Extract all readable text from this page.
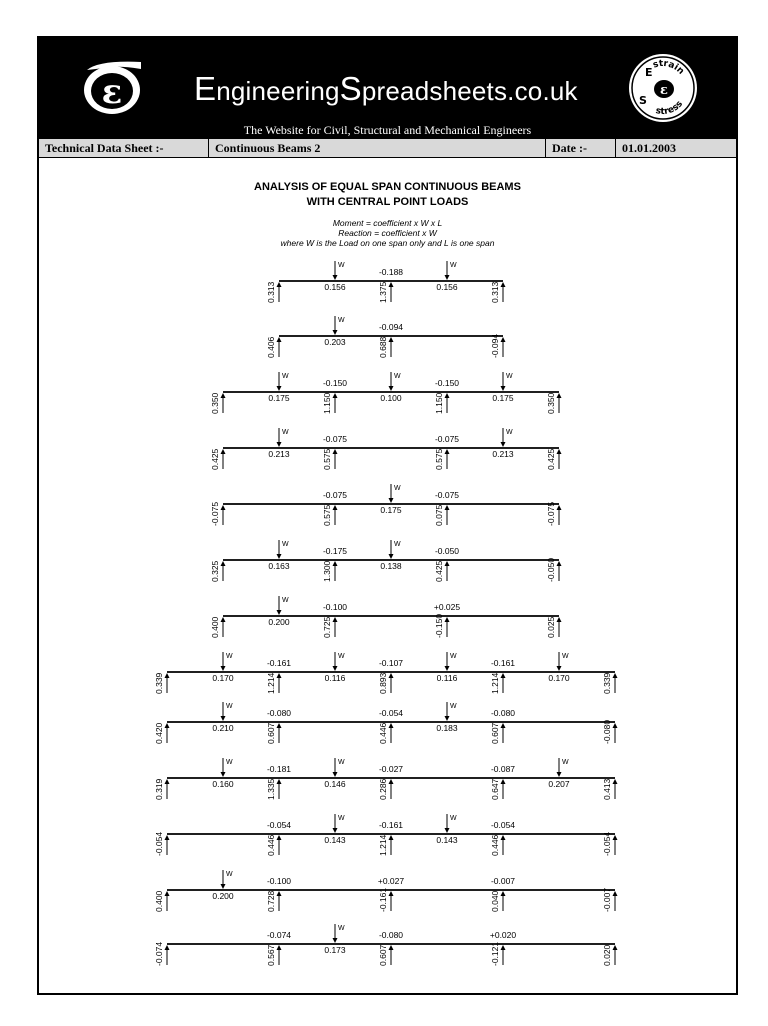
ε EngineeringSpreadsheets.co.uk
The Website for Civil, Structural and Mechanical Engineers
strain
stress
E
S
ε
Technical Data Sheet :-	Continuous Beams 2	Date :-	01.01.2003
ANALYSIS OF EQUAL SPAN CONTINUOUS BEAMS
WITH CENTRAL POINT LOADS
Moment = coefficient x W x L
Reaction = coefficient x W
where W is the Load on one span only and L is one span
0.313	1.375
-0.188
0.313
0.156
W
0.156
W
0.406	0.688
-0.094
-0.094
0.203
W
0.350	1.150
-0.150
1.150
-0.150
0.350
0.175
W
0.100
W
0.175
W
0.425	0.575
-0.075
0.575
-0.075
0.425
0.213
W
0.213
W
-0.075	0.575
-0.075
0.075
-0.075
-0.075
0.175
W
0.325	1.300
-0.175
0.425
-0.050
-0.050
0.163
W
0.138
W
0.400	0.725
-0.100
-0.150
+0.025
0.025
0.200
W
0.339	1.214
-0.161
0.893
-0.107
1.214
-0.161
0.339
0.170
W
0.116
W
0.116
W
0.170
W
0.420	0.607
-0.080
0.446
-0.054
0.607
-0.080
-0.080
0.210
W
0.183
W
0.319	1.335
-0.181
0.286
-0.027
0.647
-0.087
0.413
0.160
W
0.146
W
0.207
W
-0.054	0.446
-0.054
1.214
-0.161
0.446
-0.054
-0.054
0.143
W
0.143
W
0.400	0.728
-0.100
-0.161
+0.027
0.040
-0.007
-0.007
0.200
W
-0.074	0.567
-0.074
0.607
-0.080
-0.121
+0.020
0.020
0.173
W
